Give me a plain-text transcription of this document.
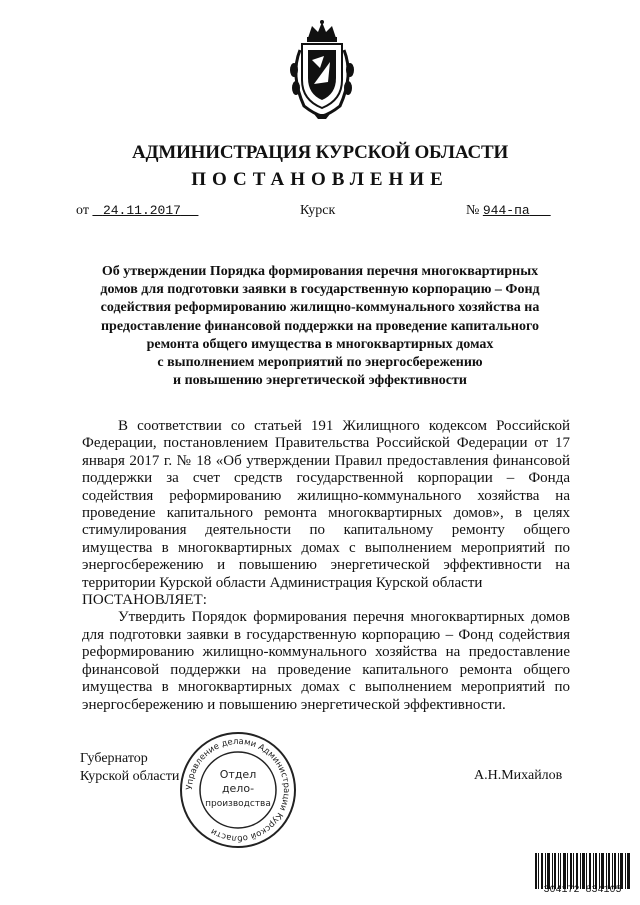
АДМИНИСТРАЦИЯ КУРСКОЙ ОБЛАСТИ
ПОСТАНОВЛЕНИЕ
от 24.11.2017	Курск	№ 944-па
Об утверждении Порядка формирования перечня многоквартирных
домов для подготовки заявки в государственную корпорацию – Фонд
содействия реформированию жилищно-коммунального хозяйства на
предоставление финансовой поддержки на проведение капитального
ремонта общего имущества в многоквартирных домах
с выполнением мероприятий по энергосбережению
и повышению энергетической эффективности

В соответствии со статьей 191 Жилищного кодексом Российской Федерации, постановлением Правительства Российской Федерации от 17 января 2017 г. № 18 «Об утверждении Правил предоставления финансовой поддержки за счет средств государственной корпорации – Фонда содействия реформированию жилищно-коммунального хозяйства на проведение капитального ремонта многоквартирных домов», в целях стимулирования деятельности по капитальному ремонту общего имущества в многоквартирных домах с выполнением мероприятий по энергосбережению и повышению энергетической эффективности на территории Курской области Администрация Курской области

ПОСТАНОВЛЯЕТ:

Утвердить Порядок формирования перечня многоквартирных домов для подготовки заявки в государственную корпорацию – Фонд содействия реформированию жилищно-коммунального хозяйства на предоставление финансовой поддержки на проведение капитального ремонта общего имущества в многоквартирных домах с выполнением мероприятий по энергосбережению и повышению энергетической эффективности.

Губернатор
Курской области	А.Н.Михайлов
Управление делами Администрации Курской области
Отдел
дело-
производства
304172 834105
